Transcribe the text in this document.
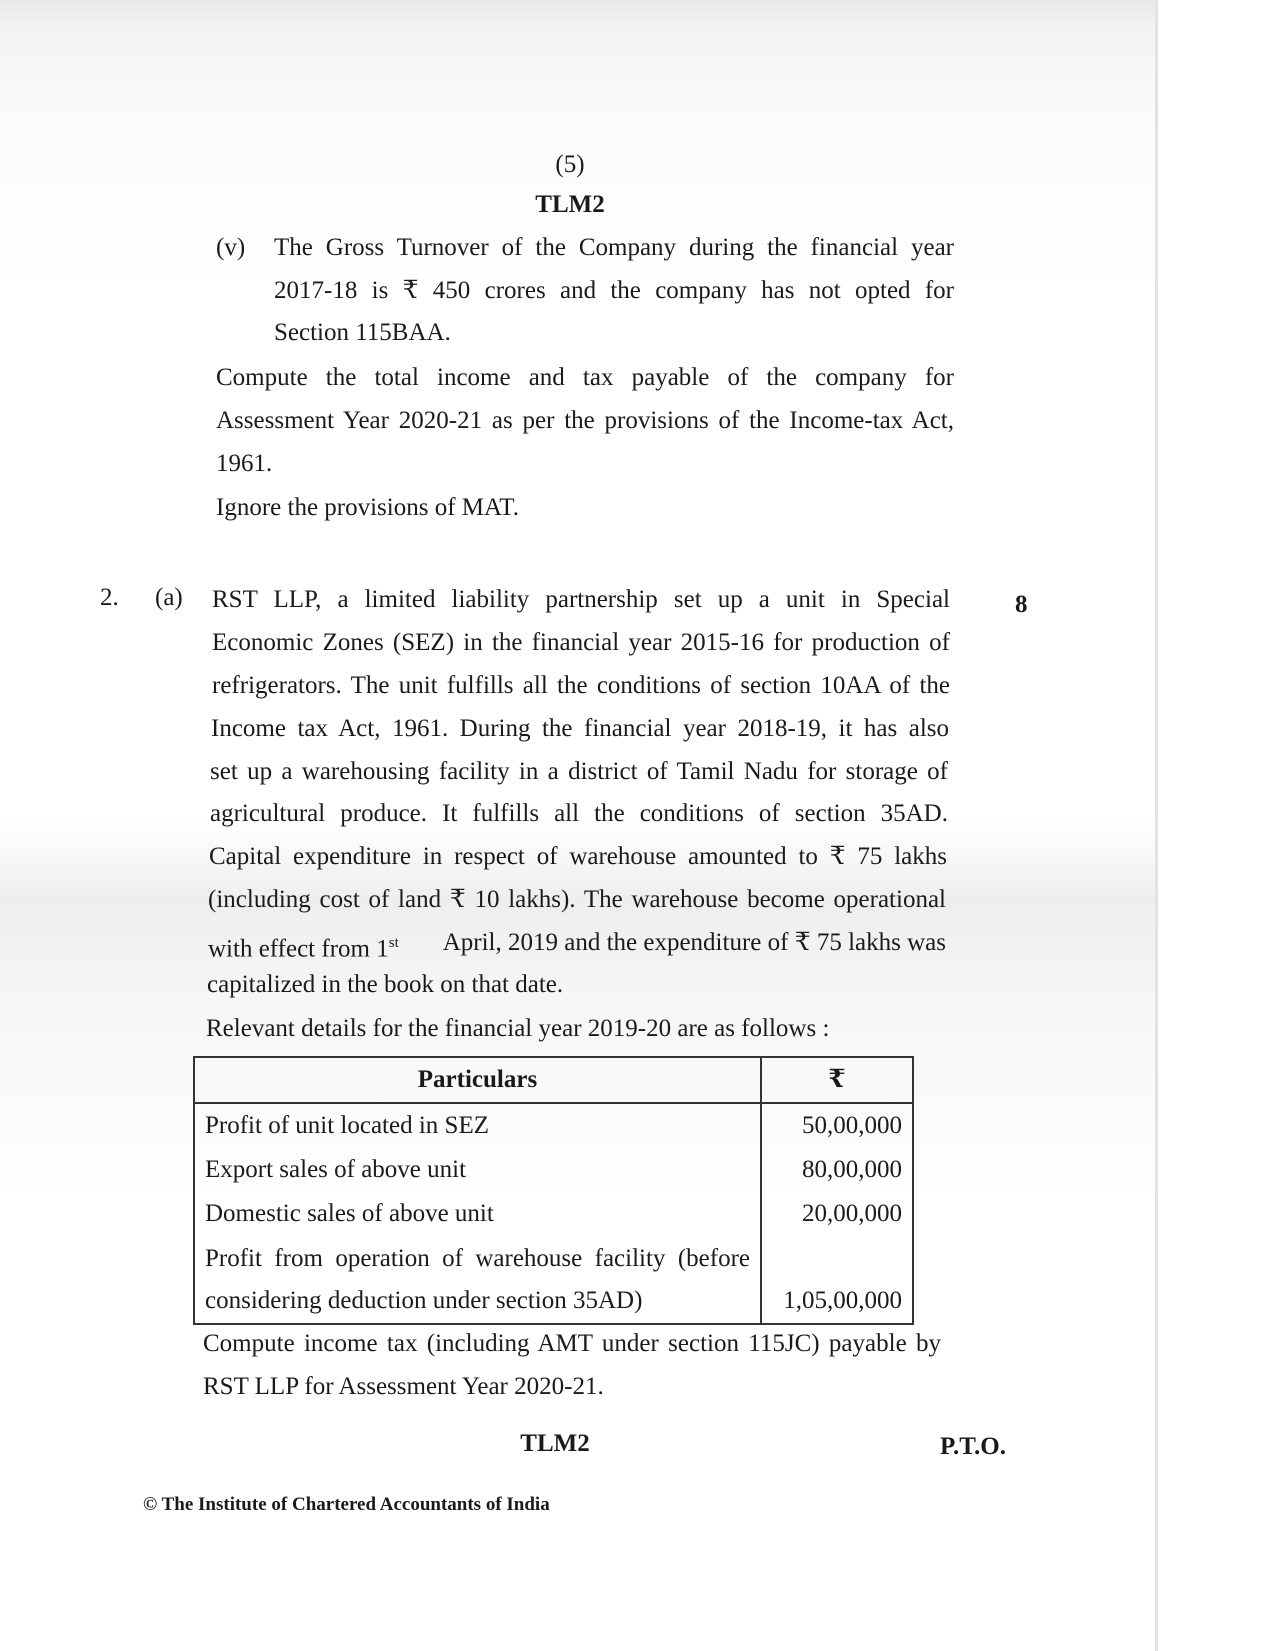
(5)
TLM2
(v) The Gross Turnover of the Company during the financial year
2017-18 is ₹ 450 crores and the company has not opted for
Section 115BAA.
Compute the total income and tax payable of the company for
Assessment Year 2020-21 as per the provisions of the Income-tax Act,
1961.
Ignore the provisions of MAT.
2. (a)	8
RST LLP, a limited liability partnership set up a unit in Special
Economic Zones (SEZ) in the financial year 2015-16 for production of
refrigerators. The unit fulfills all the conditions of section 10AA of the
Income tax Act, 1961. During the financial year 2018-19, it has also
set up a warehousing facility in a district of Tamil Nadu for storage of
agricultural produce. It fulfills all the conditions of section 35AD.
Capital expenditure in respect of warehouse amounted to ₹ 75 lakhs
(including cost of land ₹ 10 lakhs). The warehouse become operational
with effect from 1st April, 2019 and the expenditure of ₹ 75 lakhs was
capitalized in the book on that date.
Relevant details for the financial year 2019-20 are as follows :
Particulars	₹
Profit of unit located in SEZ	50,00,000
Export sales of above unit	80,00,000
Domestic sales of above unit	20,00,000

Profit from operation of warehouse facility (before
considering deduction under section 35AD)	1,05,00,000
Compute income tax (including AMT under section 115JC) payable by
RST LLP for Assessment Year 2020-21.
TLM2	P.T.O.
© The Institute of Chartered Accountants of India
